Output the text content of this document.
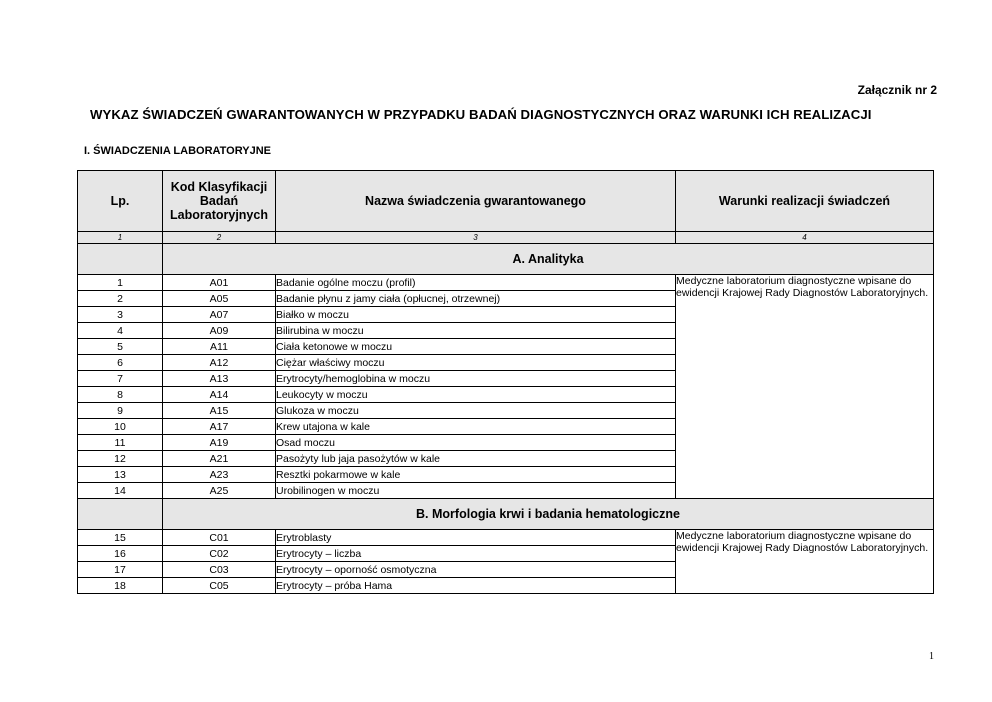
Załącznik nr 2
WYKAZ ŚWIADCZEŃ GWARANTOWANYCH W PRZYPADKU BADAŃ DIAGNOSTYCZNYCH ORAZ WARUNKI ICH REALIZACJI
I. ŚWIADCZENIA LABORATORYJNE
Lp.	Kod Klasyfikacji Badań Laboratoryjnych	Nazwa świadczenia gwarantowanego	Warunki realizacji świadczeń
1	2	3	4
	A. Analityka		
1	A01	Badanie ogólne moczu (profil)	Medyczne laboratorium diagnostyczne wpisane do ewidencji Krajowej Rady Diagnostów Laboratoryjnych.
2	A05	Badanie płynu z jamy ciała (opłucnej, otrzewnej)	
3	A07	Białko w moczu	
4	A09	Bilirubina w moczu	
5	A11	Ciała ketonowe w moczu	
6	A12	Ciężar właściwy moczu	
7	A13	Erytrocyty/hemoglobina w moczu	
8	A14	Leukocyty w moczu	
9	A15	Glukoza w moczu	
10	A17	Krew utajona w kale	
11	A19	Osad moczu	
12	A21	Pasożyty lub jaja pasożytów w kale	
13	A23	Resztki pokarmowe w kale	
14	A25	Urobilinogen w moczu	
	B. Morfologia krwi i badania hematologiczne		
15	C01	Erytroblasty	Medyczne laboratorium diagnostyczne wpisane do ewidencji Krajowej Rady Diagnostów Laboratoryjnych.
16	C02	Erytrocyty – liczba	
17	C03	Erytrocyty – oporność osmotyczna	
18	C05	Erytrocyty – próba Hama	
1
